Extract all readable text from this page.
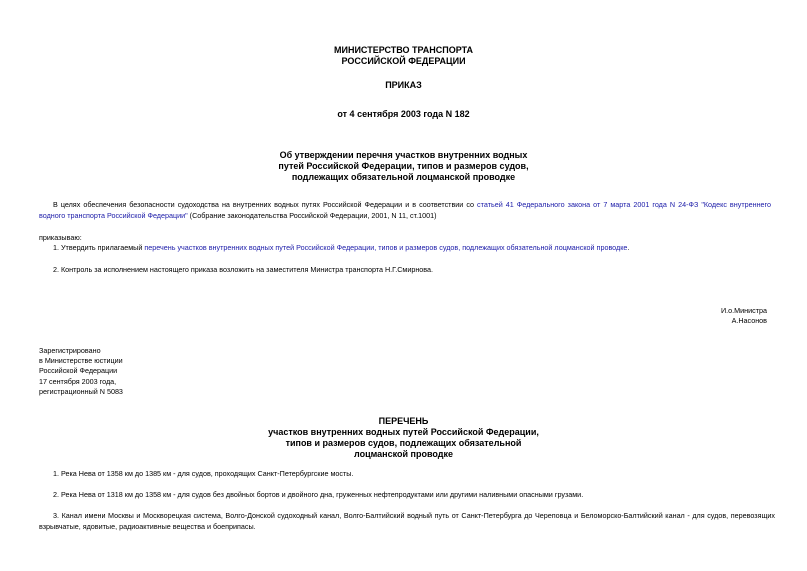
МИНИСТЕРСТВО ТРАНСПОРТА
РОССИЙСКОЙ ФЕДЕРАЦИИ
ПРИКАЗ
от 4 сентября 2003 года N 182
Об утверждении перечня участков внутренних водных
путей Российской Федерации, типов и размеров судов,
подлежащих обязательной лоцманской проводке
В целях обеспечения безопасности судоходства на внутренних водных путях Российской Федерации и в соответствии со статьей 41 Федерального закона от 7 марта 2001 года N 24-ФЗ "Кодекс внутреннего водного транспорта Российской Федерации" (Собрание законодательства Российской Федерации, 2001, N 11, ст.1001)
приказываю:
1. Утвердить прилагаемый перечень участков внутренних водных путей Российской Федерации, типов и размеров судов, подлежащих обязательной лоцманской проводке.
2. Контроль за исполнением настоящего приказа возложить на заместителя Министра транспорта Н.Г.Смирнова.
И.о.Министра
А.Насонов
Зарегистрировано
в Министерстве юстиции
Российской Федерации
17 сентября 2003 года,
регистрационный N 5083
ПЕРЕЧЕНЬ
участков внутренних водных путей Российской Федерации,
типов и размеров судов, подлежащих обязательной
лоцманской проводке
1. Река Нева от 1358 км до 1385 км - для судов, проходящих Санкт-Петербургские мосты.
2. Река Нева от 1318 км до 1358 км - для судов без двойных бортов и двойного дна, груженных нефтепродуктами или другими наливными опасными грузами.
3. Канал имени Москвы и Москворецкая система, Волго-Донской судоходный канал, Волго-Балтийский водный путь от Санкт-Петербурга до Череповца и Беломорско-Балтийский канал - для судов, перевозящих взрывчатые, ядовитые, радиоактивные вещества и боеприпасы.
